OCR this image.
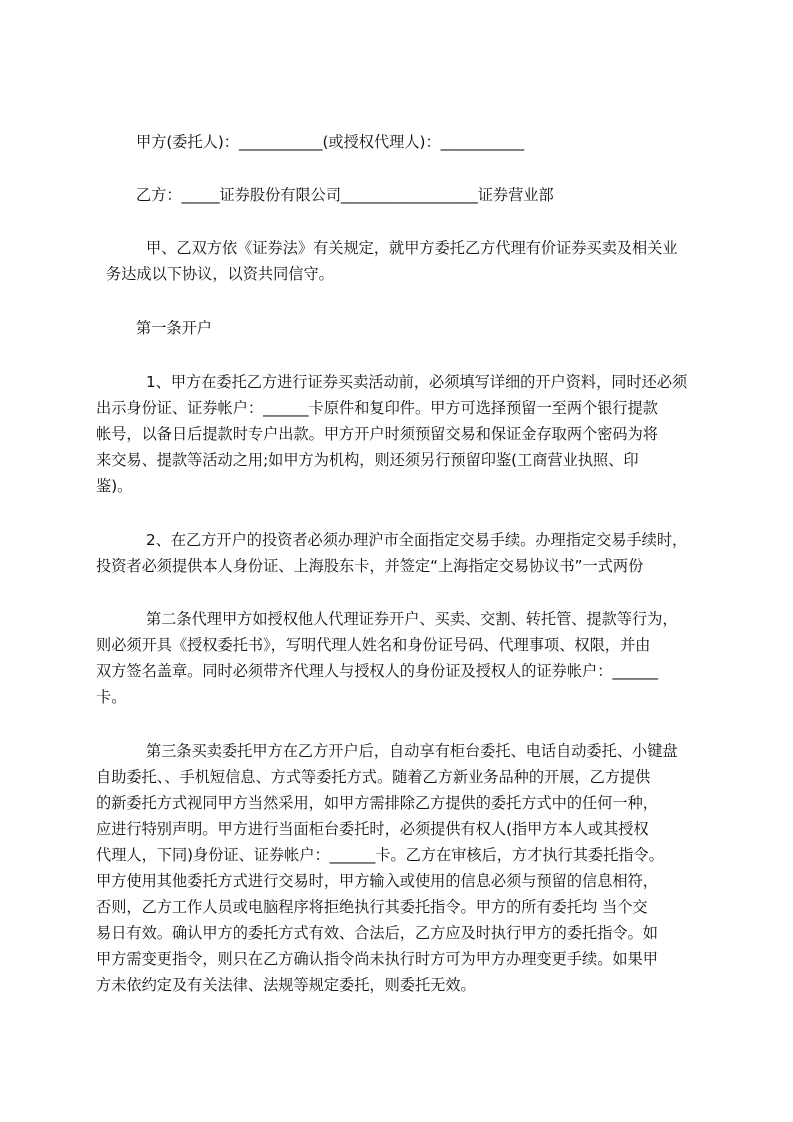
甲方(委托人)：___________(或授权代理人)：___________
乙方：_____证券股份有限公司__________________证券营业部
甲、乙双方依《证券法》有关规定，就甲方委托乙方代理有价证券买卖及相关业
务达成以下协议，以资共同信守。
第一条开户
1、甲方在委托乙方进行证券买卖活动前，必须填写详细的开户资料，同时还必须
出示身份证、证券帐户：______卡原件和复印件。甲方可选择预留一至两个银行提款
帐号，以备日后提款时专户出款。甲方开户时须预留交易和保证金存取两个密码为将
来交易、提款等活动之用;如甲方为机构，则还须另行预留印鉴(工商营业执照、印
鉴)。
2、在乙方开户的投资者必须办理沪市全面指定交易手续。办理指定交易手续时，
投资者必须提供本人身份证、上海股东卡，并签定“上海指定交易协议书”一式两份
第二条代理甲方如授权他人代理证券开户、买卖、交割、转托管、提款等行为，
则必须开具《授权委托书》，写明代理人姓名和身份证号码、代理事项、权限，并由
双方签名盖章。同时必须带齐代理人与授权人的身份证及授权人的证券帐户：______
卡。
第三条买卖委托甲方在乙方开户后，自动享有柜台委托、电话自动委托、小键盘
自助委托、、手机短信息、方式等委托方式。随着乙方新业务品种的开展，乙方提供
的新委托方式视同甲方当然采用，如甲方需排除乙方提供的委托方式中的任何一种，
应进行特别声明。甲方进行当面柜台委托时，必须提供有权人(指甲方本人或其授权
代理人，下同)身份证、证券帐户：______卡。乙方在审核后，方才执行其委托指令。
甲方使用其他委托方式进行交易时，甲方输入或使用的信息必须与预留的信息相符，
否则，乙方工作人员或电脑程序将拒绝执行其委托指令。甲方的所有委托均 当个交
易日有效。确认甲方的委托方式有效、合法后，乙方应及时执行甲方的委托指令。如
甲方需变更指令，则只在乙方确认指令尚未执行时方可为甲方办理变更手续。如果甲
方未依约定及有关法律、法规等规定委托，则委托无效。
